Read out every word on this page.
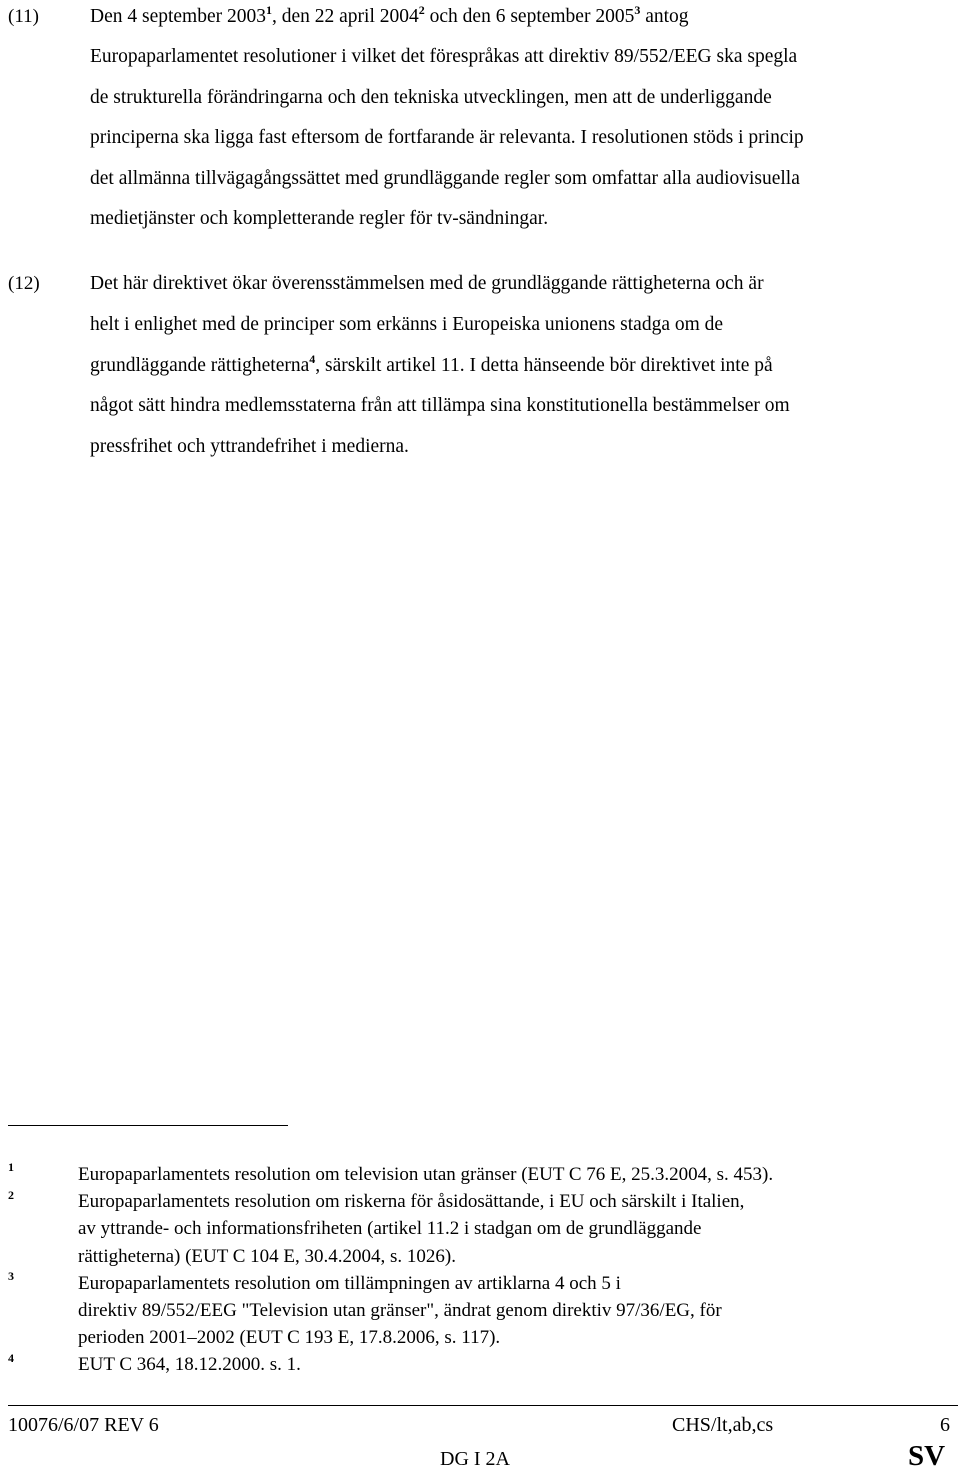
(11)	Den 4 september 2003$^1$, den 22 april 2004$^2$ och den 6 september 2005$^3$ antog
Europaparlamentet resolutioner i vilket det förespråkas att direktiv 89/552/EEG ska spegla
de strukturella förändringarna och den tekniska utvecklingen, men att de underliggande
principerna ska ligga fast eftersom de fortfarande är relevanta. I resolutionen stöds i princip
det allmänna tillvägagångssättet med grundläggande regler som omfattar alla audiovisuella
medietjänster och kompletterande regler för tv-sändningar.
(12)	Det här direktivet ökar överensstämmelsen med de grundläggande rättigheterna och är
helt i enlighet med de principer som erkänns i Europeiska unionens stadga om de
grundläggande rättigheterna$^4$, särskilt artikel 11. I detta hänseende bör direktivet inte på
något sätt hindra medlemsstaterna från att tillämpa sina konstitutionella bestämmelser om
pressfrihet och yttrandefrihet i medierna.
1	Europaparlamentets resolution om television utan gränser (EUT C 76 E, 25.3.2004, s. 453).
2	Europaparlamentets resolution om riskerna för åsidosättande, i EU och särskilt i Italien,
av yttrande- och informationsfriheten (artikel 11.2 i stadgan om de grundläggande
rättigheterna) (EUT C 104 E, 30.4.2004, s. 1026).
3	Europaparlamentets resolution om tillämpningen av artiklarna 4 och 5 i
direktiv 89/552/EEG "Television utan gränser", ändrat genom direktiv 97/36/EG, för
perioden 2001–2002 (EUT C 193 E, 17.8.2006, s. 117).
4	EUT C 364, 18.12.2000. s. 1.
10076/6/07 REV 6	CHS/lt,ab,cs	6
DG I 2A	SV
